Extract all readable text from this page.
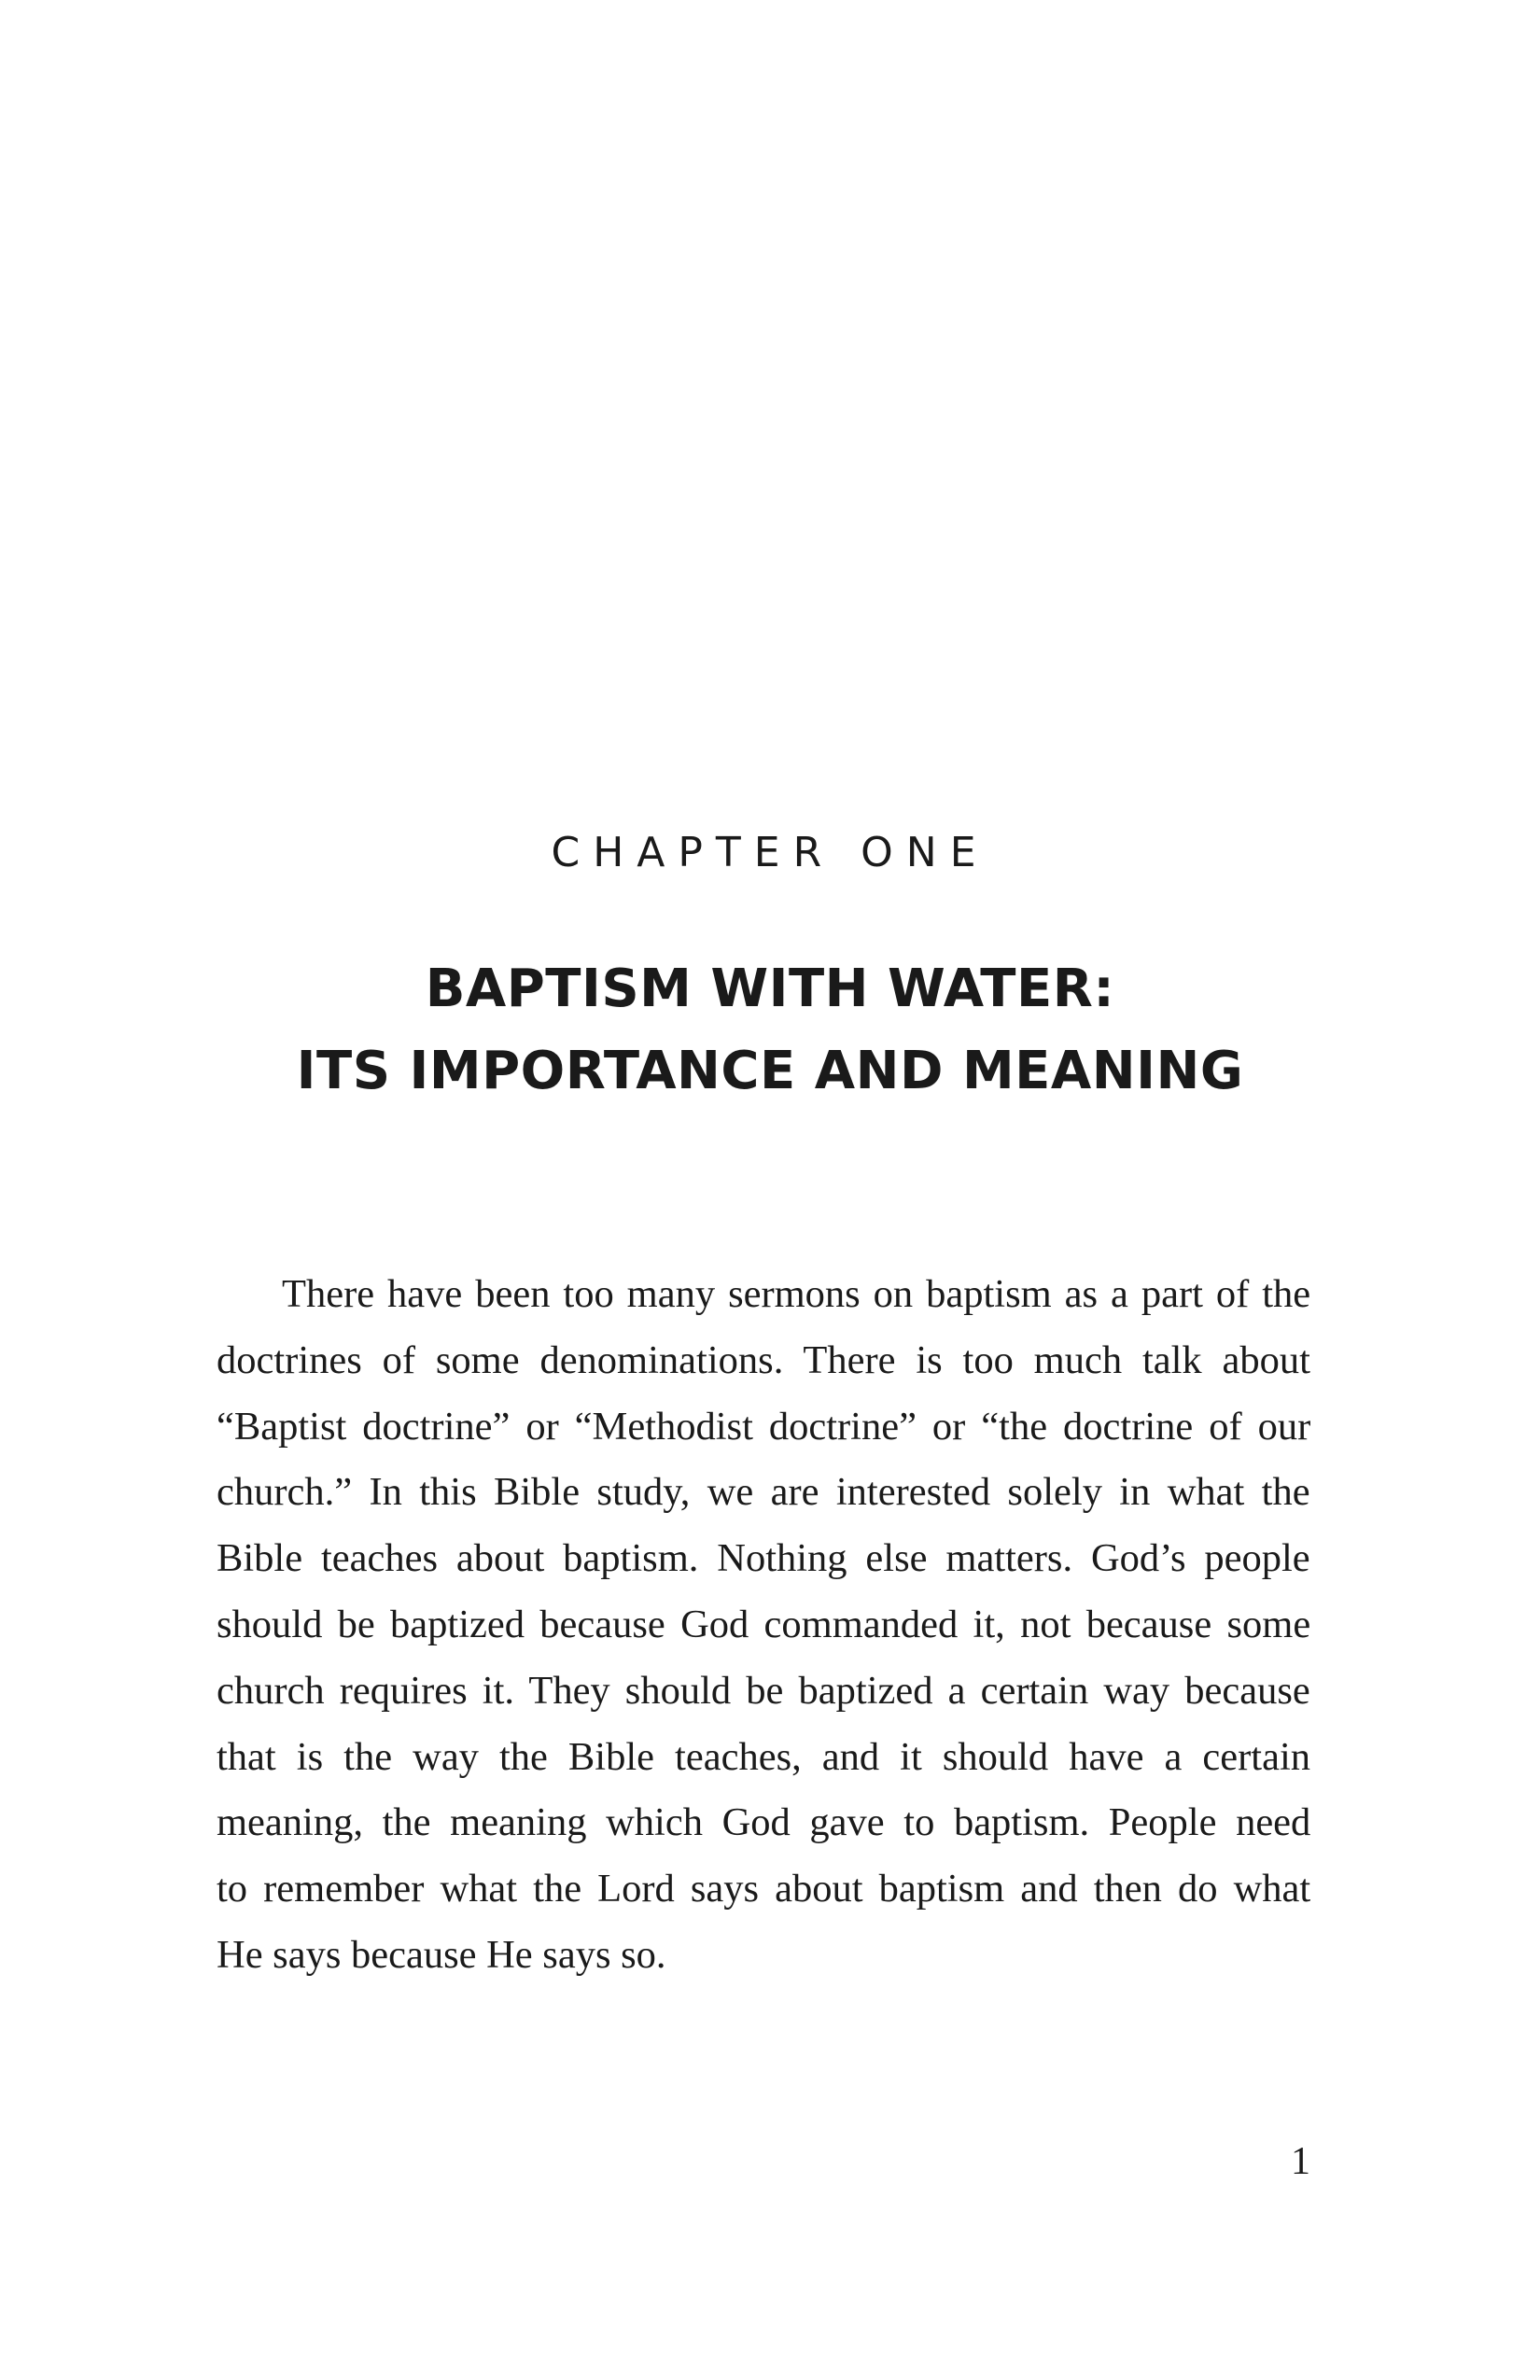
CHAPTER ONE
BAPTISM WITH WATER:
ITS IMPORTANCE AND MEANING
There have been too many sermons on baptism as a part of the
doctrines of some denominations. There is too much talk about
“Baptist doctrine” or “Methodist doctrine” or “the doctrine of our
church.” In this Bible study, we are interested solely in what the
Bible teaches about baptism. Nothing else matters. God’s people
should be baptized because God commanded it, not because some
church requires it. They should be baptized a certain way because
that is the way the Bible teaches, and it should have a certain
meaning, the meaning which God gave to baptism. People need
to remember what the Lord says about baptism and then do what
He says because He says so.
1
